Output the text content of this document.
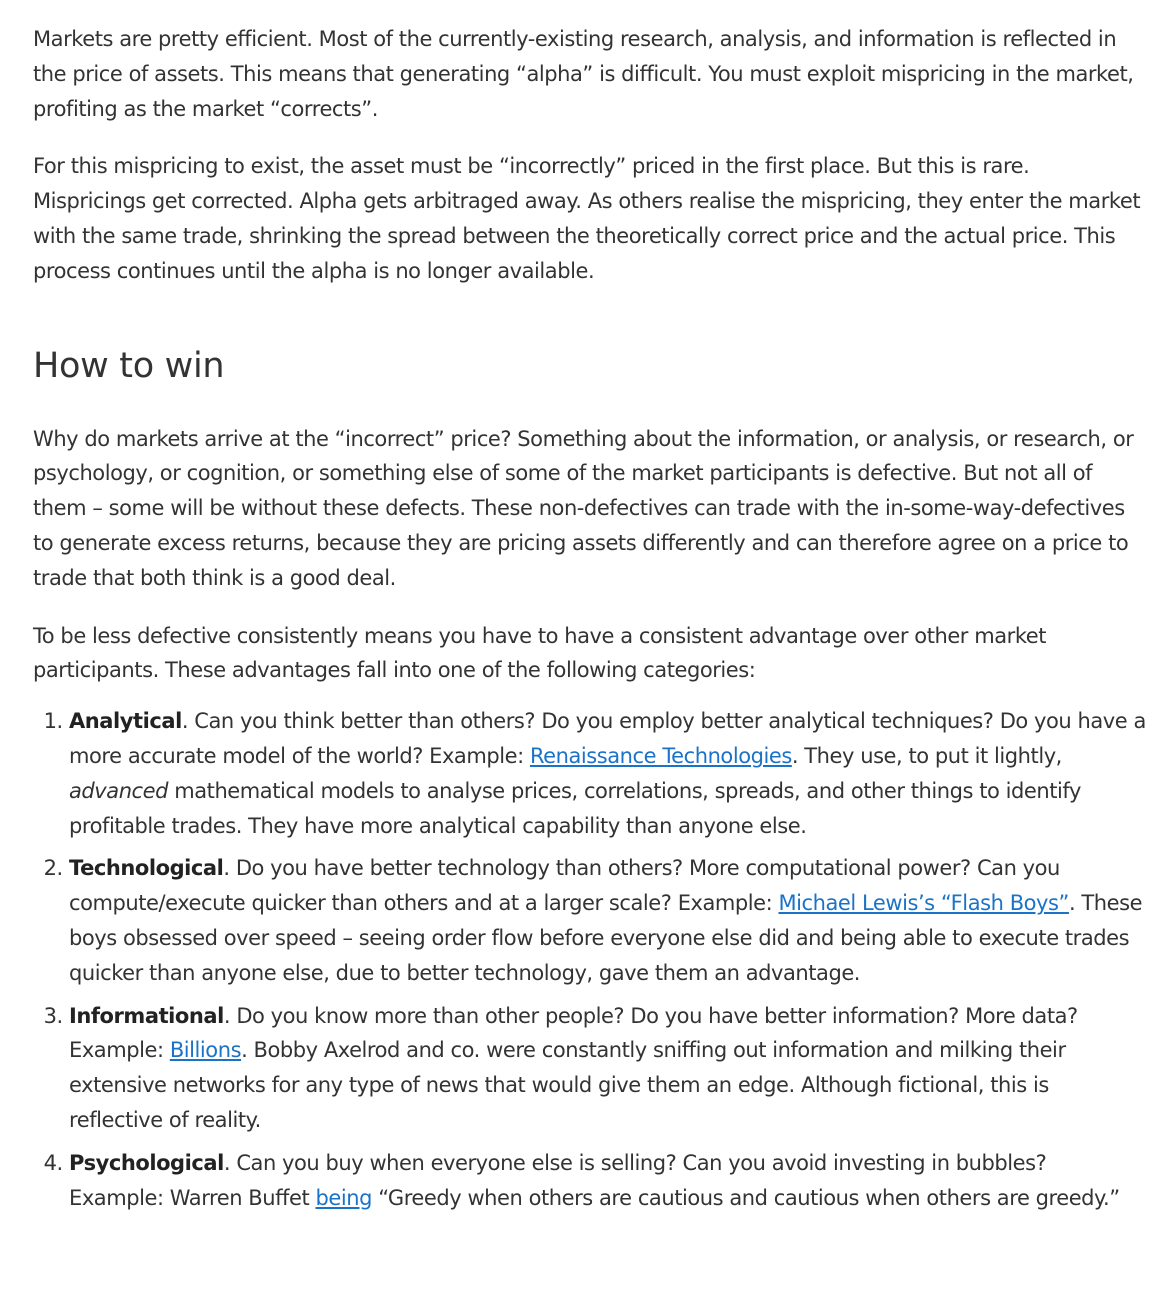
Markets are pretty efficient. Most of the currently-existing research, analysis, and information is reflected in the price of assets. This means that generating “alpha” is difficult. You must exploit mispricing in the market, profiting as the market “corrects”.

For this mispricing to exist, the asset must be “incorrectly” priced in the first place. But this is rare. Mispricings get corrected. Alpha gets arbitraged away. As others realise the mispricing, they enter the market with the same trade, shrinking the spread between the theoretically correct price and the actual price. This process continues until the alpha is no longer available.

How to win

Why do markets arrive at the “incorrect” price? Something about the information, or analysis, or research, or psychology, or cognition, or something else of some of the market participants is defective. But not all of them – some will be without these defects. These non-defectives can trade with the in-some-way-defectives to generate excess returns, because they are pricing assets differently and can therefore agree on a price to trade that both think is a good deal.

To be less defective consistently means you have to have a consistent advantage over other market participants. These advantages fall into one of the following categories:

1. Analytical. Can you think better than others? Do you employ better analytical techniques? Do you have a more accurate model of the world? Example: Renaissance Technologies. They use, to put it lightly, advanced mathematical models to analyse prices, correlations, spreads, and other things to identify profitable trades. They have more analytical capability than anyone else.
2. Technological. Do you have better technology than others? More computational power? Can you compute/execute quicker than others and at a larger scale? Example: Michael Lewis’s “Flash Boys”. These boys obsessed over speed – seeing order flow before everyone else did and being able to execute trades quicker than anyone else, due to better technology, gave them an advantage.
3. Informational. Do you know more than other people? Do you have better information? More data? Example: Billions. Bobby Axelrod and co. were constantly sniffing out information and milking their extensive networks for any type of news that would give them an edge. Although fictional, this is reflective of reality.
4. Psychological. Can you buy when everyone else is selling? Can you avoid investing in bubbles? Example: Warren Buffet being “Greedy when others are cautious and cautious when others are greedy.”
